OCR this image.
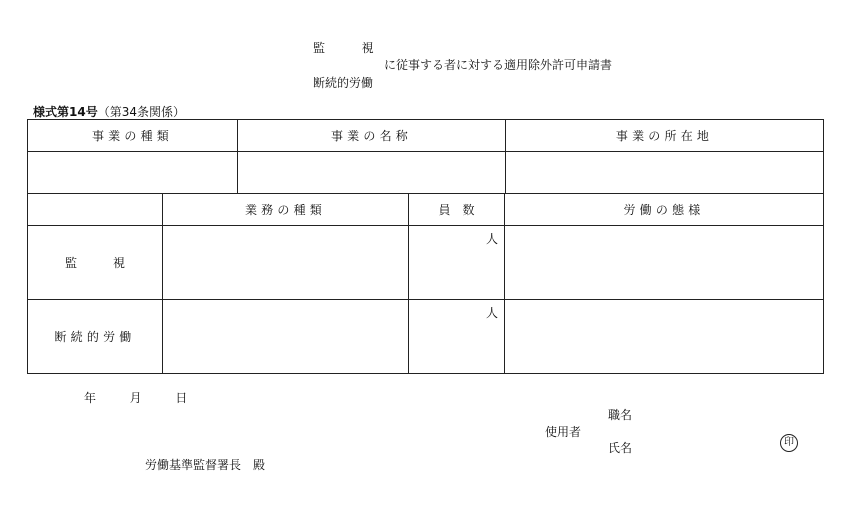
監　　視
に従事する者に対する適用除外許可申請書
断続的労働
様式第14号（第34条関係）
事業の種類	事業の名称	事業の所在地

	業務の種類	員　数	労働の態様
監　　　視		人	

断続的労働		人	

年	月	日
職名
使用者
氏名	印
労働基準監督署長　殿
